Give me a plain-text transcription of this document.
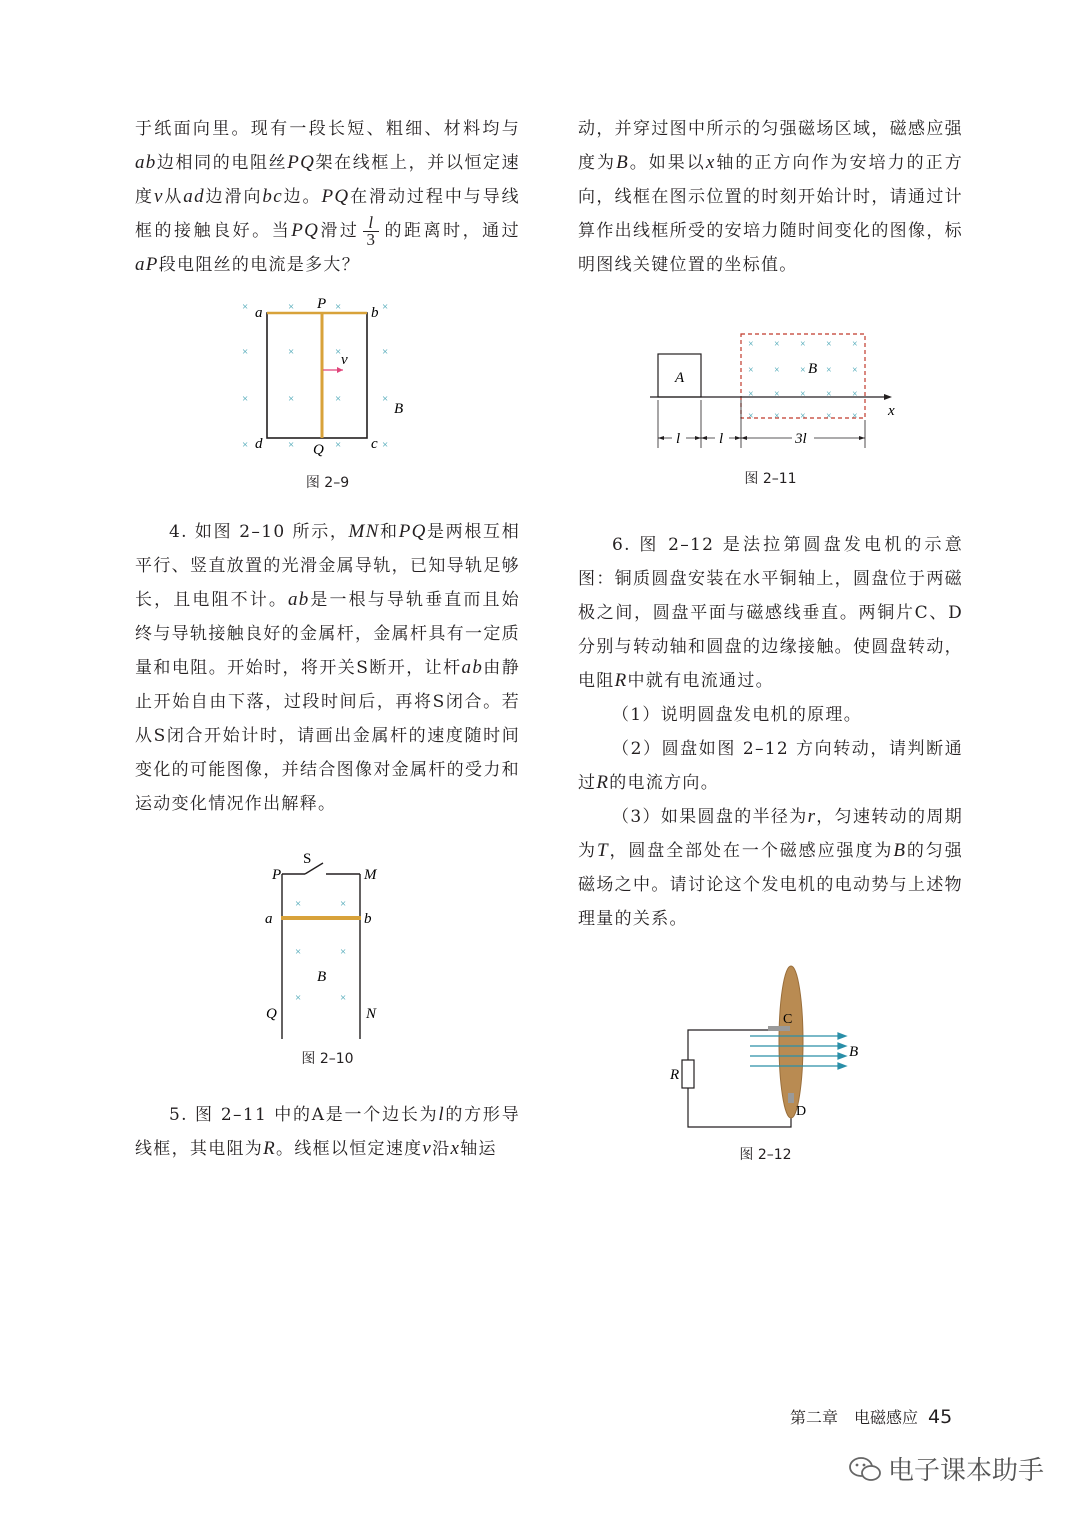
于纸面向里。现有一段长短、粗细、材料均与ab边相同的电阻丝PQ架在线框上，并以恒定速度v从ad边滑向bc边。PQ在滑动过程中与导线框的接触良好。当PQ滑过 $\frac{l}{3}$ 的距离时，通过aP段电阻丝的电流是多大？

×	×
×	×	×	×
×	×	×	×
×	×	×	×
×
×
a	b
c
d
P
Q
v
B
图 2–9

4. 如图 2–10 所示，MN和PQ是两根互相平行、竖直放置的光滑金属导轨，已知导轨足够长，且电阻不计。ab是一根与导轨垂直而且始终与导轨接触良好的金属杆，金属杆具有一定质量和电阻。开始时，将开关S断开，让杆ab由静止开始自由下落，过段时间后，再将S闭合。若从S闭合开始计时，请画出金属杆的速度随时间变化的可能图像，并结合图像对金属杆的受力和运动变化情况作出解释。

×	×
×	×
×	×
S
P	M
a	b
B
Q	N
图 2–10

5. 图 2–11 中的A是一个边长为l的方形导线框，其电阻为R。线框以恒定速度v沿x轴运

动，并穿过图中所示的匀强磁场区域，磁感应强度为B。如果以x轴的正方向作为安培力的正方向，线框在图示位置的时刻开始计时，请通过计算作出线框所受的安培力随时间变化的图像，标明图线关键位置的坐标值。

× × × × ×
× × × × ×
× × × × ×
× × × × ×
A
B
x
l	l	3l
图 2–11

6. 图 2–12 是法拉第圆盘发电机的示意图：铜质圆盘安装在水平铜轴上，圆盘位于两磁极之间，圆盘平面与磁感线垂直。两铜片C、D分别与转动轴和圆盘的边缘接触。使圆盘转动，电阻R中就有电流通过。

（1）说明圆盘发电机的原理。

（2）圆盘如图 2–12 方向转动，请判断通过R的电流方向。

（3）如果圆盘的半径为r，匀速转动的周期为T，圆盘全部处在一个磁感应强度为B的匀强磁场之中。请讨论这个发电机的电动势与上述物理量的关系。

C
D
R
B
图 2–12
第二章　电磁感应 45
电子课本助手
